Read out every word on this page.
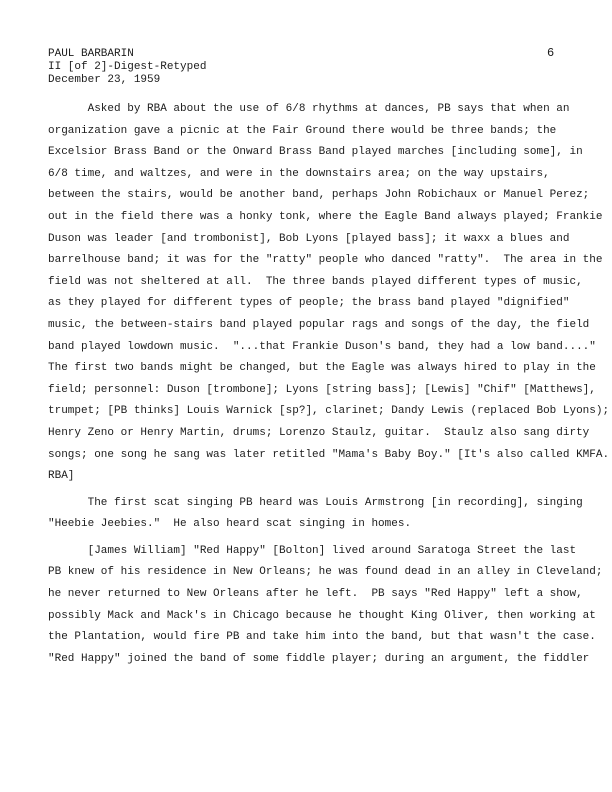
PAUL BARBARIN
II [of 2]-Digest-Retyped
December 23, 1959
6
Asked by RBA about the use of 6/8 rhythms at dances, PB says that when an
organization gave a picnic at the Fair Ground there would be three bands; the
Excelsior Brass Band or the Onward Brass Band played marches [including some], in
6/8 time, and waltzes, and were in the downstairs area; on the way upstairs,
between the stairs, would be another band, perhaps John Robichaux or Manuel Perez;
out in the field there was a honky tonk, where the Eagle Band always played; Frankie
Duson was leader [and trombonist], Bob Lyons [played bass]; it waxx a blues and
barrelhouse band; it was for the "ratty" people who danced "ratty".  The area in the
field was not sheltered at all.  The three bands played different types of music,
as they played for different types of people; the brass band played "dignified"
music, the between-stairs band played popular rags and songs of the day, the field
band played lowdown music.  "...that Frankie Duson's band, they had a low band...."
The first two bands might be changed, but the Eagle was always hired to play in the
field; personnel: Duson [trombone]; Lyons [string bass]; [Lewis] "Chif" [Matthews],
trumpet; [PB thinks] Louis Warnick [sp?], clarinet; Dandy Lewis (replaced Bob Lyons);
Henry Zeno or Henry Martin, drums; Lorenzo Staulz, guitar.  Staulz also sang dirty
songs; one song he sang was later retitled "Mama's Baby Boy." [It's also called KMFA.
RBA]
The first scat singing PB heard was Louis Armstrong [in recording], singing
"Heebie Jeebies."  He also heard scat singing in homes.
[James William] "Red Happy" [Bolton] lived around Saratoga Street the last
PB knew of his residence in New Orleans; he was found dead in an alley in Cleveland;
he never returned to New Orleans after he left.  PB says "Red Happy" left a show,
possibly Mack and Mack's in Chicago because he thought King Oliver, then working at
the Plantation, would fire PB and take him into the band, but that wasn't the case.
"Red Happy" joined the band of some fiddle player; during an argument, the fiddler
